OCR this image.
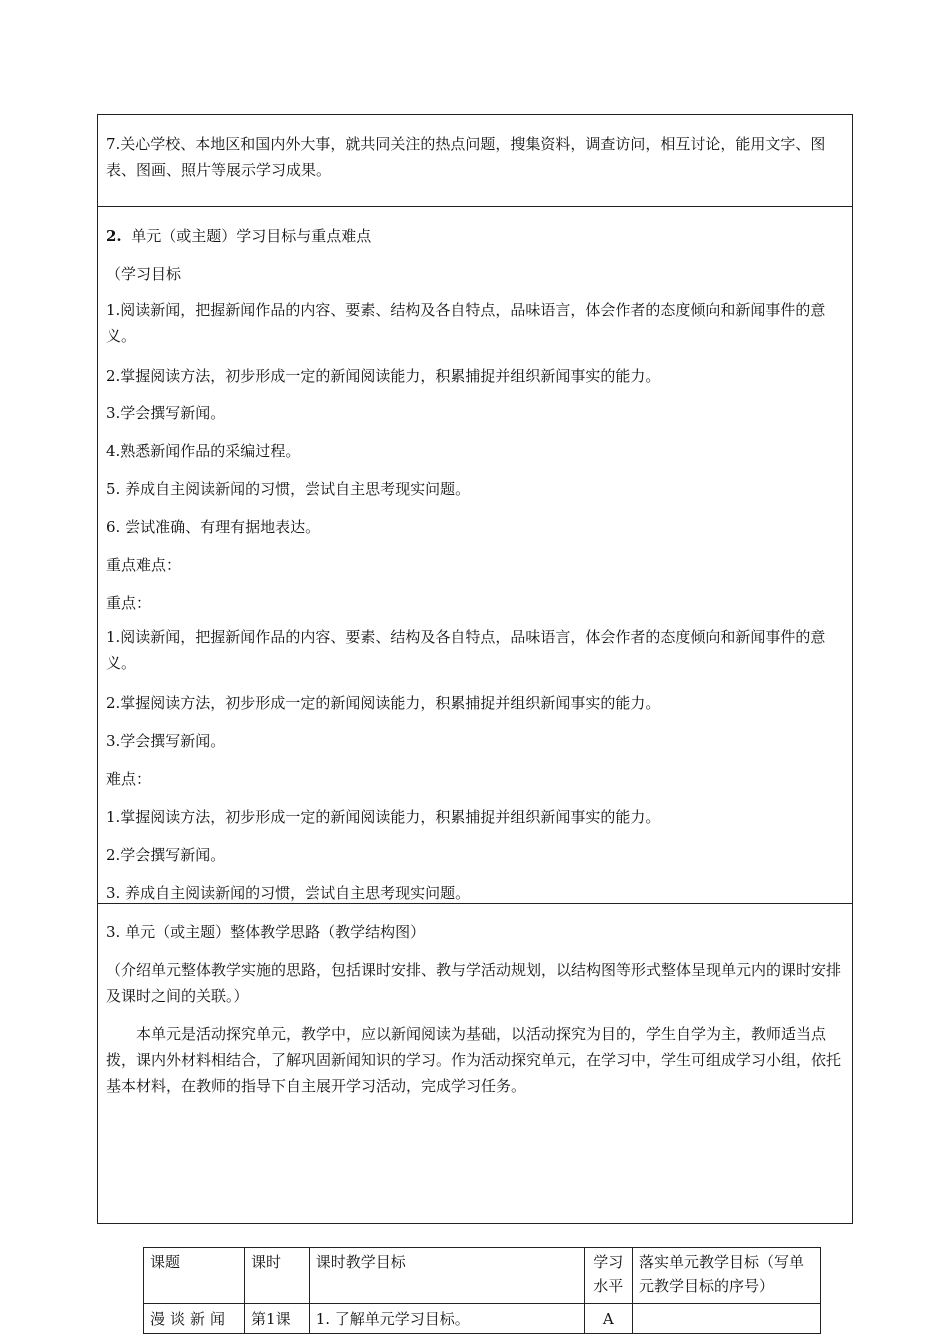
7.关心学校、本地区和国内外大事，就共同关注的热点问题，搜集资料，调查访问，相互讨论，能用文字、图表、图画、照片等展示学习成果。
2. 单元（或主题）学习目标与重点难点
（学习目标
1.阅读新闻，把握新闻作品的内容、要素、结构及各自特点，品味语言，体会作者的态度倾向和新闻事件的意义。
2.掌握阅读方法，初步形成一定的新闻阅读能力，积累捕捉并组织新闻事实的能力。
3.学会撰写新闻。
4.熟悉新闻作品的采编过程。
5. 养成自主阅读新闻的习惯，尝试自主思考现实问题。
6. 尝试准确、有理有据地表达。
重点难点：
重点：
1.阅读新闻，把握新闻作品的内容、要素、结构及各自特点，品味语言，体会作者的态度倾向和新闻事件的意义。
2.掌握阅读方法，初步形成一定的新闻阅读能力，积累捕捉并组织新闻事实的能力。
3.学会撰写新闻。
难点：
1.掌握阅读方法，初步形成一定的新闻阅读能力，积累捕捉并组织新闻事实的能力。
2.学会撰写新闻。
3. 养成自主阅读新闻的习惯，尝试自主思考现实问题。
3. 单元（或主题）整体教学思路（教学结构图）
（介绍单元整体教学实施的思路，包括课时安排、教与学活动规划，以结构图等形式整体呈现单元内的课时安排及课时之间的关联。）
本单元是活动探究单元，教学中，应以新闻阅读为基础，以活动探究为目的，学生自学为主，教师适当点拨，课内外材料相结合，了解巩固新闻知识的学习。作为活动探究单元，在学习中，学生可组成学习小组，依托基本材料，在教师的指导下自主展开学习活动，完成学习任务。
课题	课时	课时教学目标	学习水平	落实单元教学目标（写单元教学目标的序号）
漫谈新闻	第1课	1. 了解单元学习目标。	A	
